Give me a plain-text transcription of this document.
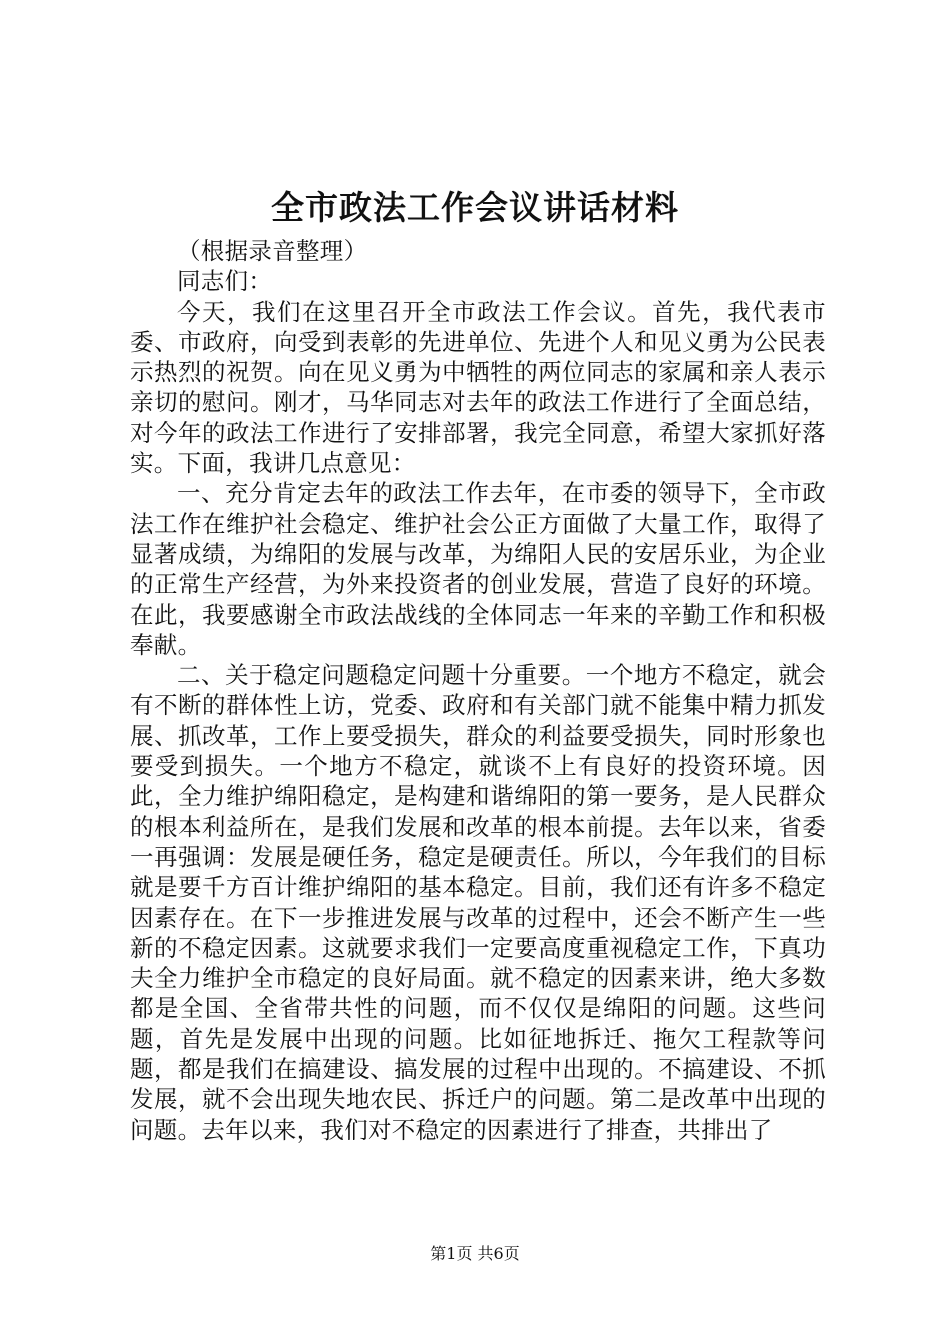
全市政法工作会议讲话材料

（根据录音整理）

同志们：

今天，我们在这里召开全市政法工作会议。首先，我代表市委、市政府，向受到表彰的先进单位、先进个人和见义勇为公民表示热烈的祝贺。向在见义勇为中牺牲的两位同志的家属和亲人表示亲切的慰问。刚才，马华同志对去年的政法工作进行了全面总结，对今年的政法工作进行了安排部署，我完全同意，希望大家抓好落实。下面，我讲几点意见：

一、充分肯定去年的政法工作去年，在市委的领导下，全市政法工作在维护社会稳定、维护社会公正方面做了大量工作，取得了显著成绩，为绵阳的发展与改革，为绵阳人民的安居乐业，为企业的正常生产经营，为外来投资者的创业发展，营造了良好的环境。在此，我要感谢全市政法战线的全体同志一年来的辛勤工作和积极奉献。

二、关于稳定问题稳定问题十分重要。一个地方不稳定，就会有不断的群体性上访，党委、政府和有关部门就不能集中精力抓发展、抓改革，工作上要受损失，群众的利益要受损失，同时形象也要受到损失。一个地方不稳定，就谈不上有良好的投资环境。因此，全力维护绵阳稳定，是构建和谐绵阳的第一要务，是人民群众的根本利益所在，是我们发展和改革的根本前提。去年以来，省委一再强调：发展是硬任务，稳定是硬责任。所以，今年我们的目标就是要千方百计维护绵阳的基本稳定。目前，我们还有许多不稳定因素存在。在下一步推进发展与改革的过程中，还会不断产生一些新的不稳定因素。这就要求我们一定要高度重视稳定工作，下真功夫全力维护全市稳定的良好局面。就不稳定的因素来讲，绝大多数都是全国、全省带共性的问题，而不仅仅是绵阳的问题。这些问题，首先是发展中出现的问题。比如征地拆迁、拖欠工程款等问题，都是我们在搞建设、搞发展的过程中出现的。不搞建设、不抓发展，就不会出现失地农民、拆迁户的问题。第二是改革中出现的问题。去年以来，我们对不稳定的因素进行了排查，共排出了

第1页 共6页
